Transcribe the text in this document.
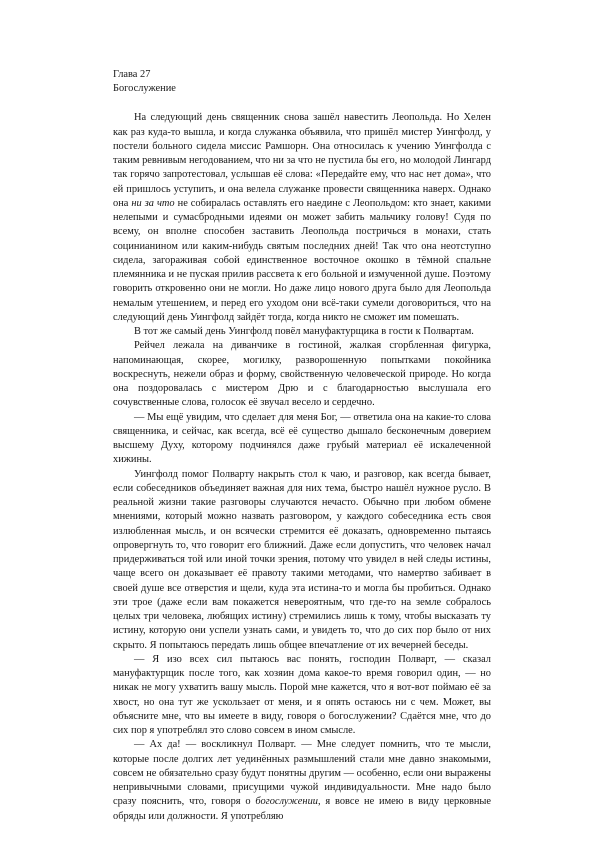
Глава 27
Богослужение

На следующий день священник снова зашёл навестить Леопольда. Но Хелен как раз куда-то вышла, и когда служанка объявила, что пришёл мистер Уингфолд, у постели больного сидела миссис Рамшорн. Она относилась к учению Уингфолда с таким ревнивым негодованием, что ни за что не пустила бы его, но молодой Лингард так горячо запротестовал, услышав её слова: «Передайте ему, что нас нет дома», что ей пришлось уступить, и она велела служанке провести священника наверх. Однако она ни за что не собиралась оставлять его наедине с Леопольдом: кто знает, какими нелепыми и сумасбродными идеями он может забить мальчику голову! Судя по всему, он вполне способен заставить Леопольда постричься в монахи, стать социнианином или каким-нибудь святым последних дней! Так что она неотступно сидела, загораживая собой единственное восточное окошко в тёмной спальне племянника и не пуская прилив рассвета к его больной и измученной душе. Поэтому говорить откровенно они не могли. Но даже лицо нового друга было для Леопольда немалым утешением, и перед его уходом они всё-таки сумели договориться, что на следующий день Уингфолд зайдёт тогда, когда никто не сможет им помешать.

В тот же самый день Уингфолд повёл мануфактурщика в гости к Полвартам.

Рейчел лежала на диванчике в гостиной, жалкая сгорбленная фигурка, напоминающая, скорее, могилку, разворошенную попытками покойника воскреснуть, нежели образ и форму, свойственную человеческой природе. Но когда она поздоровалась с мистером Дрю и с благодарностью выслушала его сочувственные слова, голосок её звучал весело и сердечно.

— Мы ещё увидим, что сделает для меня Бог, — ответила она на какие-то слова священника, и сейчас, как всегда, всё её существо дышало бесконечным доверием высшему Духу, которому подчинялся даже грубый материал её искалеченной хижины.

Уингфолд помог Полварту накрыть стол к чаю, и разговор, как всегда бывает, если собеседников объединяет важная для них тема, быстро нашёл нужное русло. В реальной жизни такие разговоры случаются нечасто. Обычно при любом обмене мнениями, который можно назвать разговором, у каждого собеседника есть своя излюбленная мысль, и он всячески стремится её доказать, одновременно пытаясь опровергнуть то, что говорит его ближний. Даже если допустить, что человек начал придерживаться той или иной точки зрения, потому что увидел в ней следы истины, чаще всего он доказывает её правоту такими методами, что намертво забивает в своей душе все отверстия и щели, куда эта истина-то и могла бы пробиться. Однако эти трое (даже если вам покажется невероятным, что где-то на земле собралось целых три человека, любящих истину) стремились лишь к тому, чтобы высказать ту истину, которую они успели узнать сами, и увидеть то, что до сих пор было от них скрыто. Я попытаюсь передать лишь общее впечатление от их вечерней беседы.

— Я изо всех сил пытаюсь вас понять, господин Полварт, — сказал мануфактурщик после того, как хозяин дома какое-то время говорил один, — но никак не могу ухватить вашу мысль. Порой мне кажется, что я вот-вот поймаю её за хвост, но она тут же ускользает от меня, и я опять остаюсь ни с чем. Может, вы объясните мне, что вы имеете в виду, говоря о богослужении? Сдаётся мне, что до сих пор я употреблял это слово совсем в ином смысле.

— Ах да! — воскликнул Полварт. — Мне следует помнить, что те мысли, которые после долгих лет уединённых размышлений стали мне давно знакомыми, совсем не обязательно сразу будут понятны другим — особенно, если они выражены непривычными словами, присущими чужой индивидуальности. Мне надо было сразу пояснить, что, говоря о богослужении, я вовсе не имею в виду церковные обряды или должности. Я употребляю
